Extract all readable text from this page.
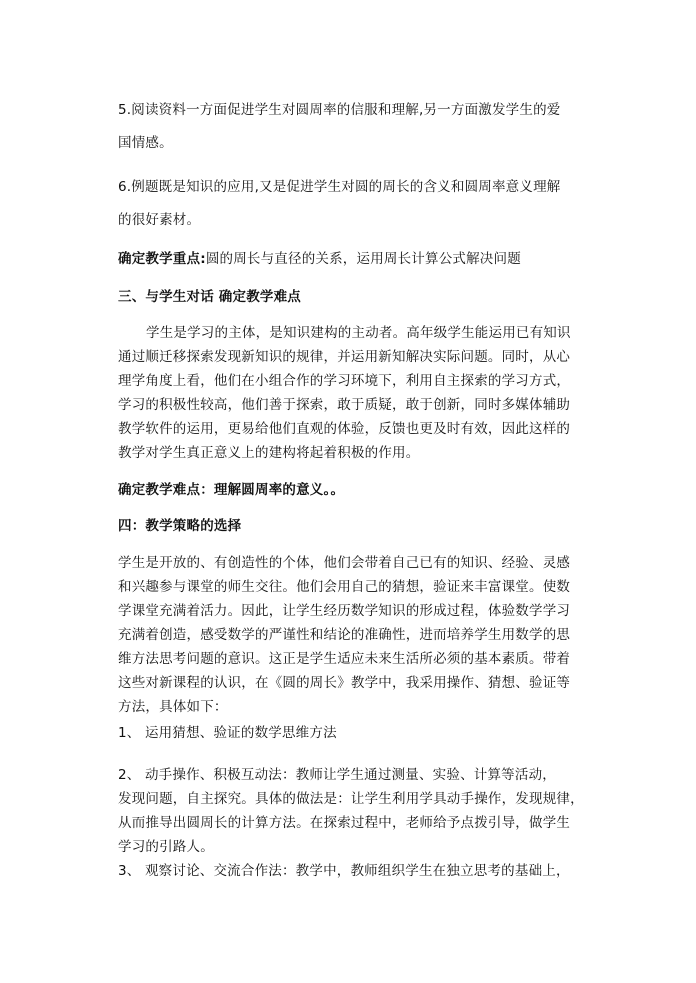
5.阅读资料一方面促进学生对圆周率的信服和理解,另一方面激发学生的爱
国情感。
6.例题既是知识的应用,又是促进学生对圆的周长的含义和圆周率意义理解
的很好素材。
确定教学重点:圆的周长与直径的关系，运用周长计算公式解决问题
三、与学生对话 确定教学难点
学生是学习的主体，是知识建构的主动者。高年级学生能运用已有知识
通过顺迁移探索发现新知识的规律，并运用新知解决实际问题。同时，从心
理学角度上看，他们在小组合作的学习环境下，利用自主探索的学习方式，
学习的积极性较高，他们善于探索，敢于质疑，敢于创新，同时多媒体辅助
教学软件的运用，更易给他们直观的体验，反馈也更及时有效，因此这样的
教学对学生真正意义上的建构将起着积极的作用。
确定教学难点：理解圆周率的意义。。
四：教学策略的选择
学生是开放的、有创造性的个体，他们会带着自己已有的知识、经验、灵感
和兴趣参与课堂的师生交往。他们会用自己的猜想，验证来丰富课堂。使数
学课堂充满着活力。因此，让学生经历数学知识的形成过程，体验数学学习
充满着创造，感受数学的严谨性和结论的准确性，进而培养学生用数学的思
维方法思考问题的意识。这正是学生适应未来生活所必须的基本素质。带着
这些对新课程的认识，在《圆的周长》教学中，我采用操作、猜想、验证等
方法，具体如下：
1、 运用猜想、验证的数学思维方法
2、 动手操作、积极互动法：教师让学生通过测量、实验、计算等活动，
发现问题，自主探究。具体的做法是：让学生利用学具动手操作，发现规律，
从而推导出圆周长的计算方法。在探索过程中，老师给予点拨引导，做学生
学习的引路人。
3、 观察讨论、交流合作法：教学中，教师组织学生在独立思考的基础上，
